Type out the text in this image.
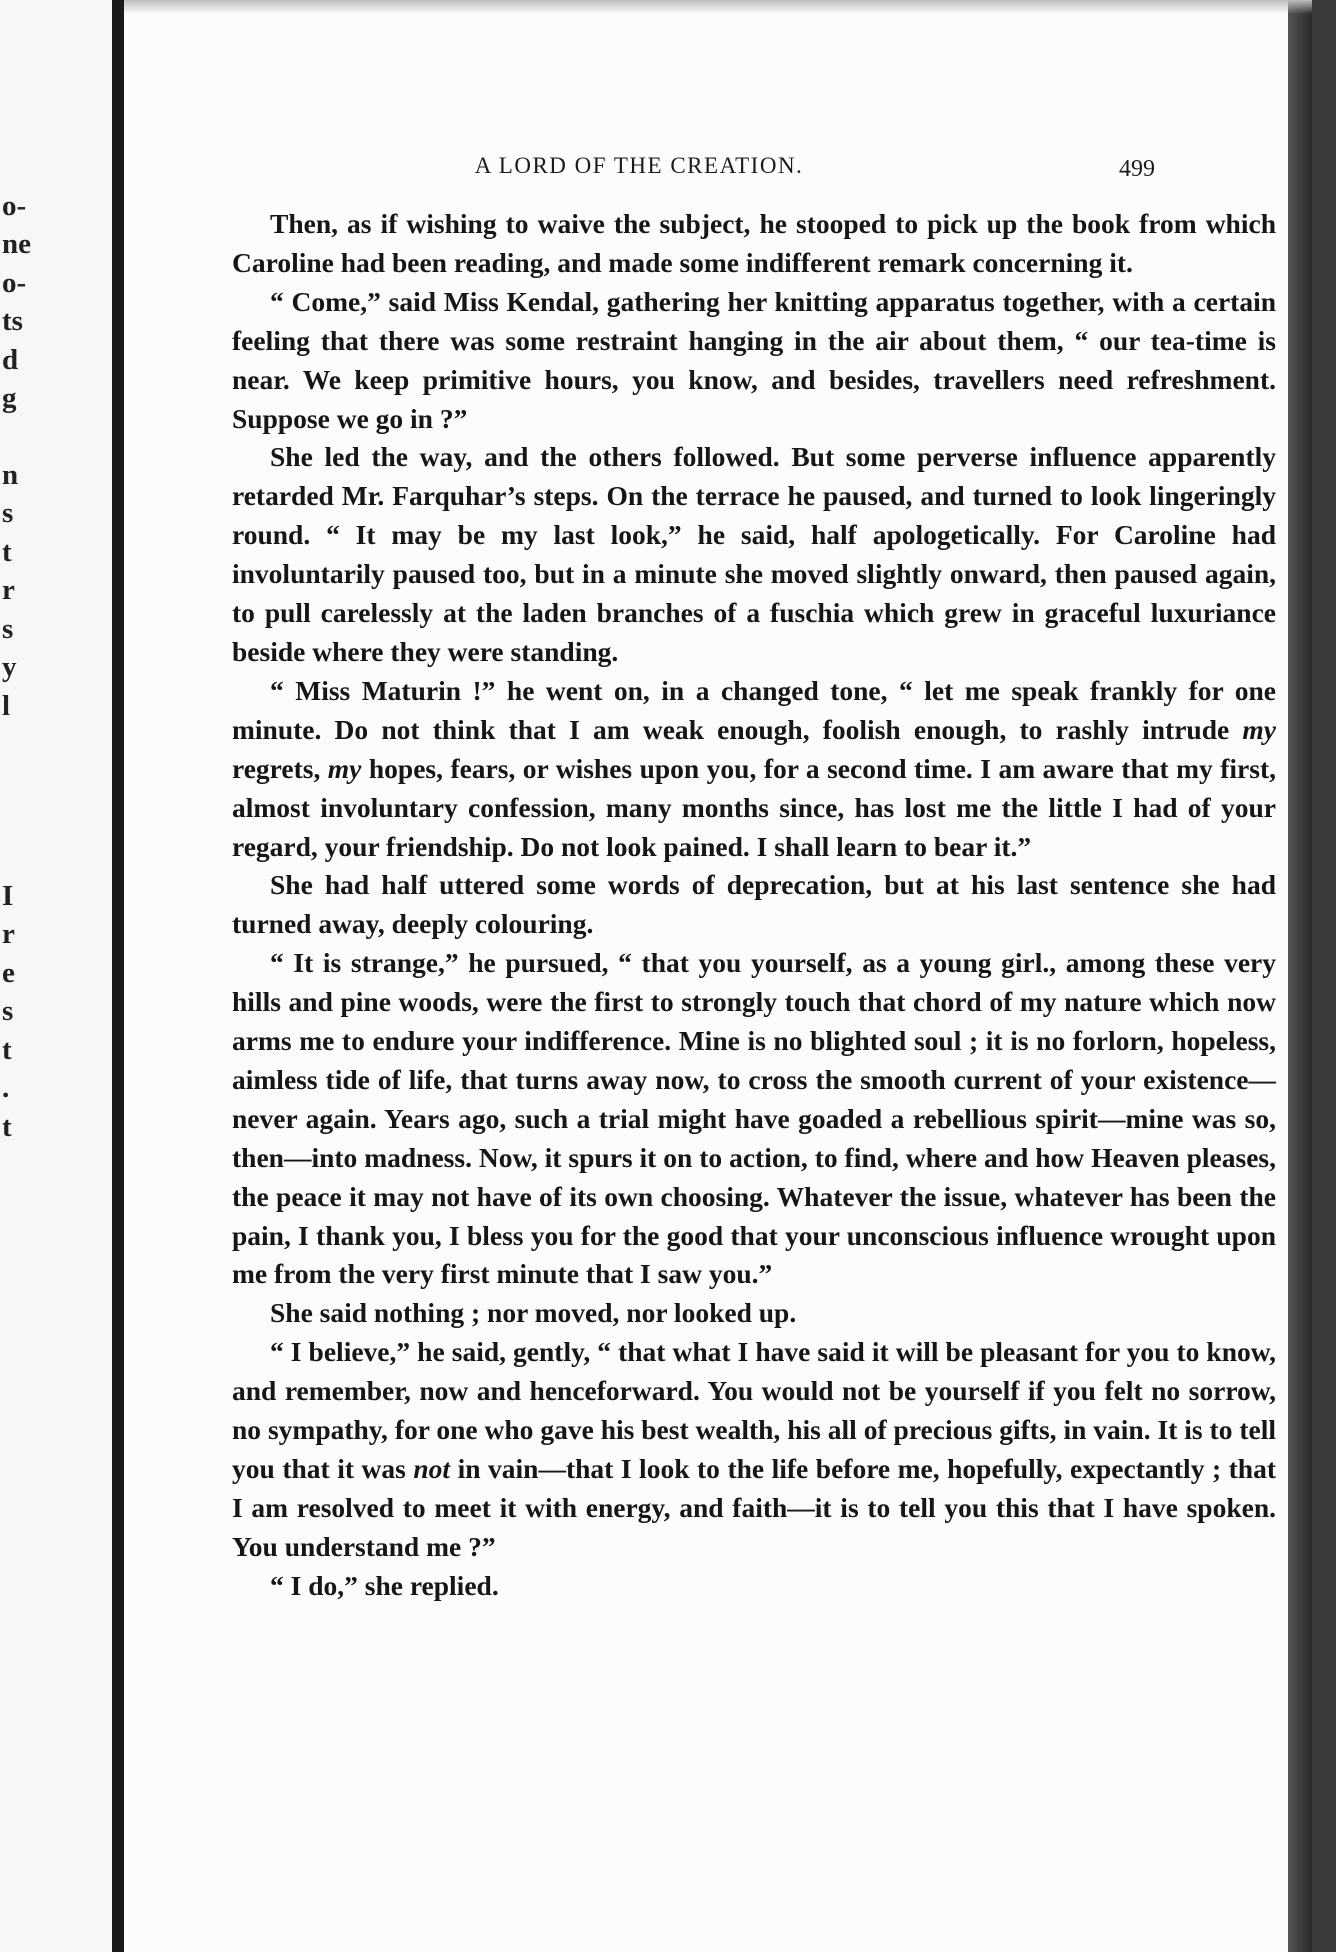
o-
ne
o-
ts
d
g
n
s
t
r
s
y
l
I
r
e
s
t
.
t
A LORD OF THE CREATION.	499

Then, as if wishing to waive the subject, he stooped to pick up the book from which Caroline had been reading, and made some indifferent remark concerning it.

“ Come,” said Miss Kendal, gathering her knitting apparatus together, with a certain feeling that there was some restraint hanging in the air about them, “ our tea-time is near. We keep primitive hours, you know, and besides, travellers need refreshment. Suppose we go in ?”

She led the way, and the others followed. But some perverse influence apparently retarded Mr. Farquhar’s steps. On the terrace he paused, and turned to look lingeringly round. “ It may be my last look,” he said, half apologetically. For Caroline had involuntarily paused too, but in a minute she moved slightly onward, then paused again, to pull carelessly at the laden branches of a fuschia which grew in graceful luxuriance beside where they were standing.

“ Miss Maturin !” he went on, in a changed tone, “ let me speak frankly for one minute. Do not think that I am weak enough, foolish enough, to rashly intrude my regrets, my hopes, fears, or wishes upon you, for a second time. I am aware that my first, almost involuntary confession, many months since, has lost me the little I had of your regard, your friendship. Do not look pained. I shall learn to bear it.”

She had half uttered some words of deprecation, but at his last sentence she had turned away, deeply colouring.

“ It is strange,” he pursued, “ that you yourself, as a young girl., among these very hills and pine woods, were the first to strongly touch that chord of my nature which now arms me to endure your indifference. Mine is no blighted soul ; it is no forlorn, hopeless, aimless tide of life, that turns away now, to cross the smooth current of your existence—never again. Years ago, such a trial might have goaded a rebellious spirit—mine was so, then—into madness. Now, it spurs it on to action, to find, where and how Heaven pleases, the peace it may not have of its own choosing. Whatever the issue, whatever has been the pain, I thank you, I bless you for the good that your unconscious influence wrought upon me from the very first minute that I saw you.”

She said nothing ; nor moved, nor looked up.

“ I believe,” he said, gently, “ that what I have said it will be pleasant for you to know, and remember, now and henceforward. You would not be yourself if you felt no sorrow, no sympathy, for one who gave his best wealth, his all of precious gifts, in vain. It is to tell you that it was not in vain—that I look to the life before me, hopefully, expectantly ; that I am resolved to meet it with energy, and faith—it is to tell you this that I have spoken. You understand me ?”

“ I do,” she replied.
